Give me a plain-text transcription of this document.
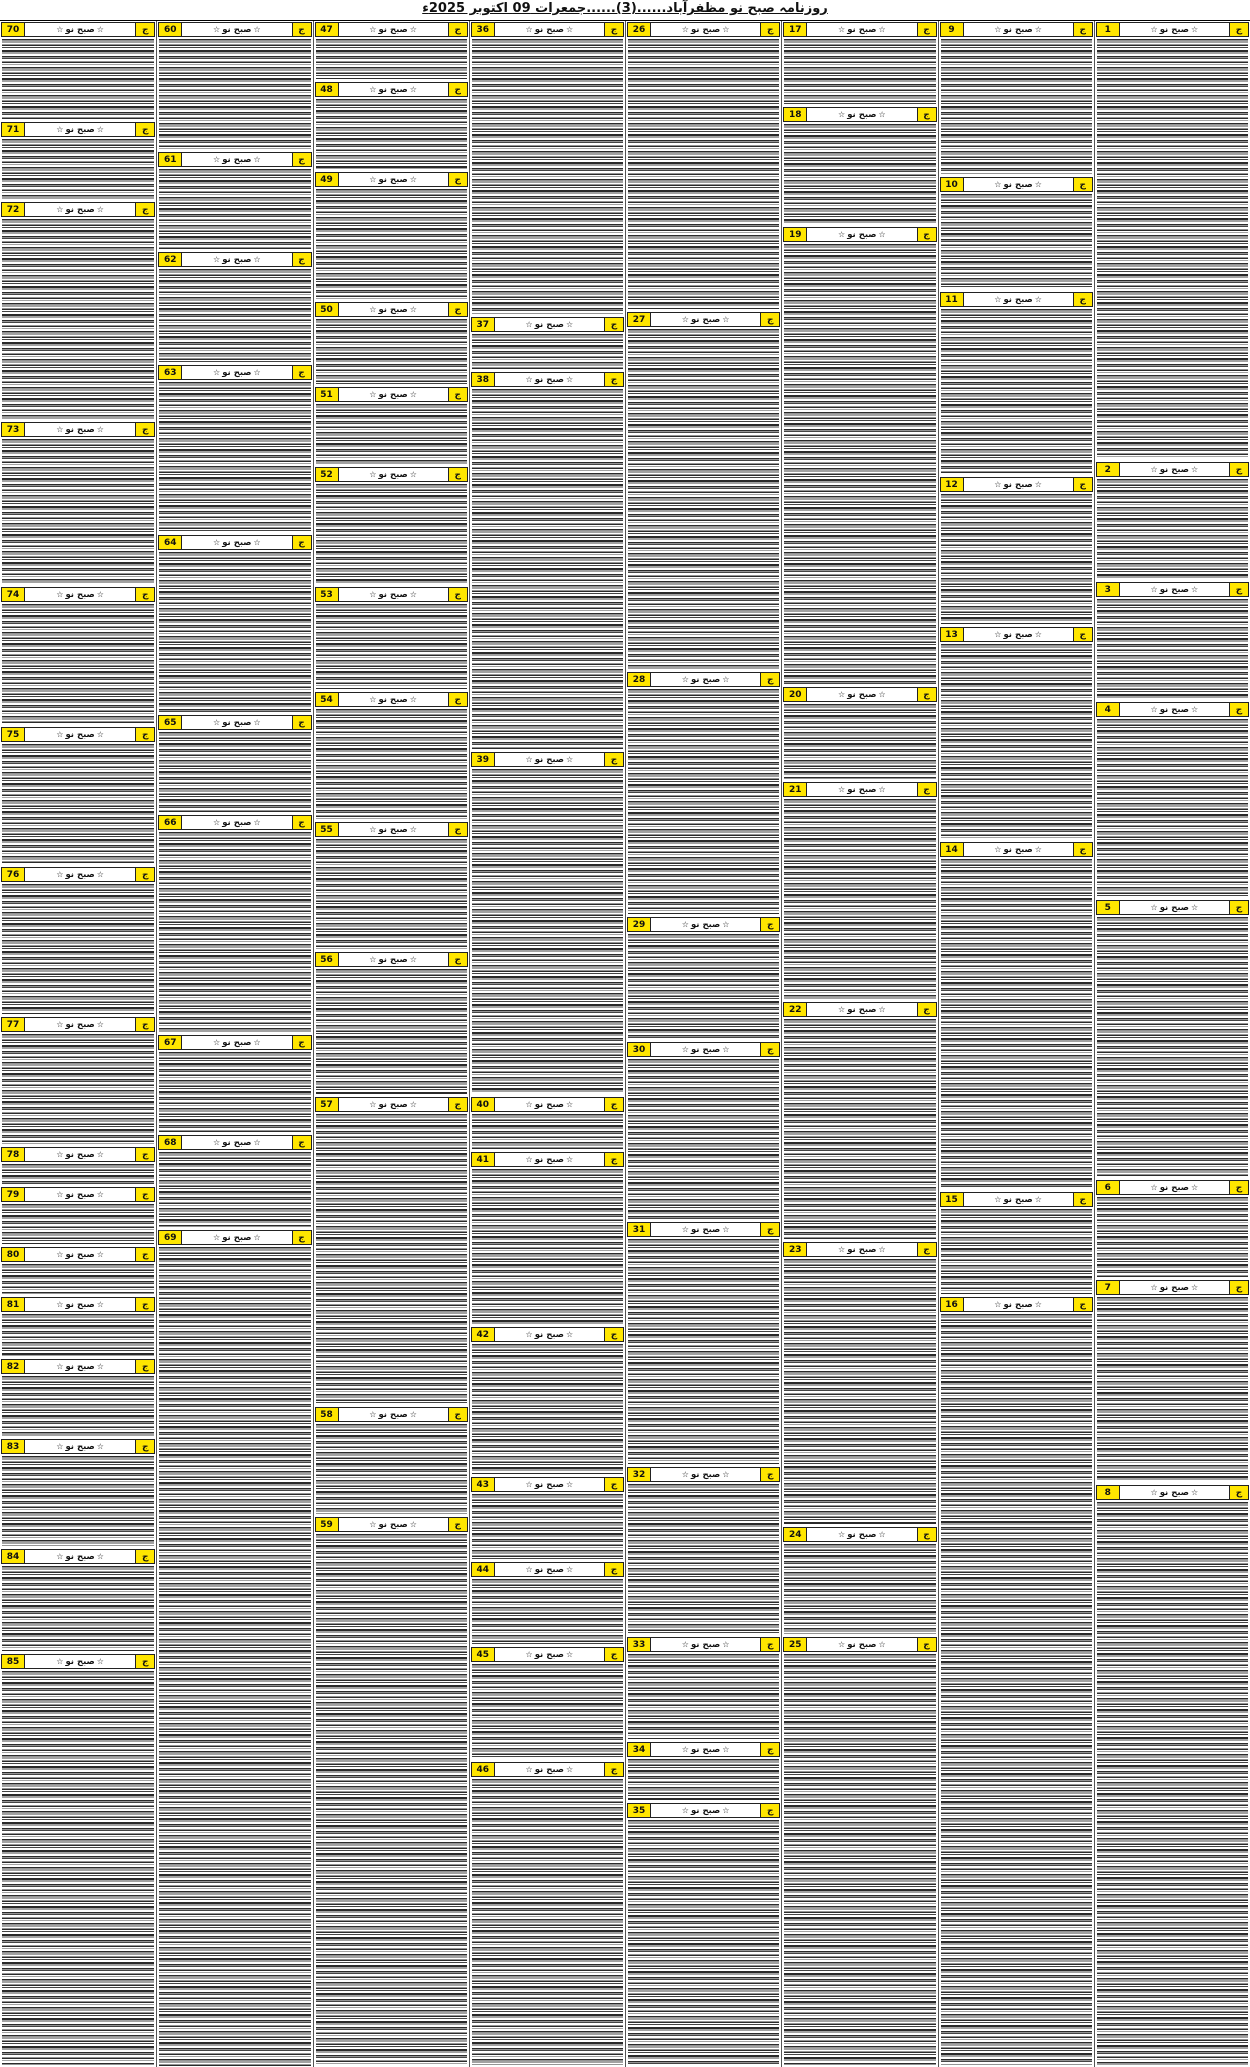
روزنامہ صبح نو مظفرآباد......(3)......جمعرات 09 اکتوبر 2025ء
1	☆صبح نو☆	ج
2	☆صبح نو☆	ج
3	☆صبح نو☆	ج
4	☆صبح نو☆	ج
5	☆صبح نو☆	ج
6	☆صبح نو☆	ج
7	☆صبح نو☆	ج
8	☆صبح نو☆	ج
9	☆صبح نو☆	ج
10	☆صبح نو☆	ج
11	☆صبح نو☆	ج
12	☆صبح نو☆	ج
13	☆صبح نو☆	ج
14	☆صبح نو☆	ج
15	☆صبح نو☆	ج
16	☆صبح نو☆	ج
17	☆صبح نو☆	ج
18	☆صبح نو☆	ج
19	☆صبح نو☆	ج
20	☆صبح نو☆	ج
21	☆صبح نو☆	ج
22	☆صبح نو☆	ج
23	☆صبح نو☆	ج
24	☆صبح نو☆	ج
25	☆صبح نو☆	ج
26	☆صبح نو☆	ج
27	☆صبح نو☆	ج
28	☆صبح نو☆	ج
29	☆صبح نو☆	ج
30	☆صبح نو☆	ج
31	☆صبح نو☆	ج
32	☆صبح نو☆	ج
33	☆صبح نو☆	ج
34	☆صبح نو☆	ج
35	☆صبح نو☆	ج
36	☆صبح نو☆	ج
37	☆صبح نو☆	ج
38	☆صبح نو☆	ج
39	☆صبح نو☆	ج
40	☆صبح نو☆	ج
41	☆صبح نو☆	ج
42	☆صبح نو☆	ج
43	☆صبح نو☆	ج
44	☆صبح نو☆	ج
45	☆صبح نو☆	ج
46	☆صبح نو☆	ج
47	☆صبح نو☆	ج
48	☆صبح نو☆	ج
49	☆صبح نو☆	ج
50	☆صبح نو☆	ج
51	☆صبح نو☆	ج
52	☆صبح نو☆	ج
53	☆صبح نو☆	ج
54	☆صبح نو☆	ج
55	☆صبح نو☆	ج
56	☆صبح نو☆	ج
57	☆صبح نو☆	ج
58	☆صبح نو☆	ج
59	☆صبح نو☆	ج
60	☆صبح نو☆	ج
61	☆صبح نو☆	ج
62	☆صبح نو☆	ج
63	☆صبح نو☆	ج
64	☆صبح نو☆	ج
65	☆صبح نو☆	ج
66	☆صبح نو☆	ج
67	☆صبح نو☆	ج
68	☆صبح نو☆	ج
69	☆صبح نو☆	ج
70	☆صبح نو☆	ج
71	☆صبح نو☆	ج
72	☆صبح نو☆	ج
73	☆صبح نو☆	ج
74	☆صبح نو☆	ج
75	☆صبح نو☆	ج
76	☆صبح نو☆	ج
77	☆صبح نو☆	ج
78	☆صبح نو☆	ج
79	☆صبح نو☆	ج
80	☆صبح نو☆	ج
81	☆صبح نو☆	ج
82	☆صبح نو☆	ج
83	☆صبح نو☆	ج
84	☆صبح نو☆	ج
85	☆صبح نو☆	ج
